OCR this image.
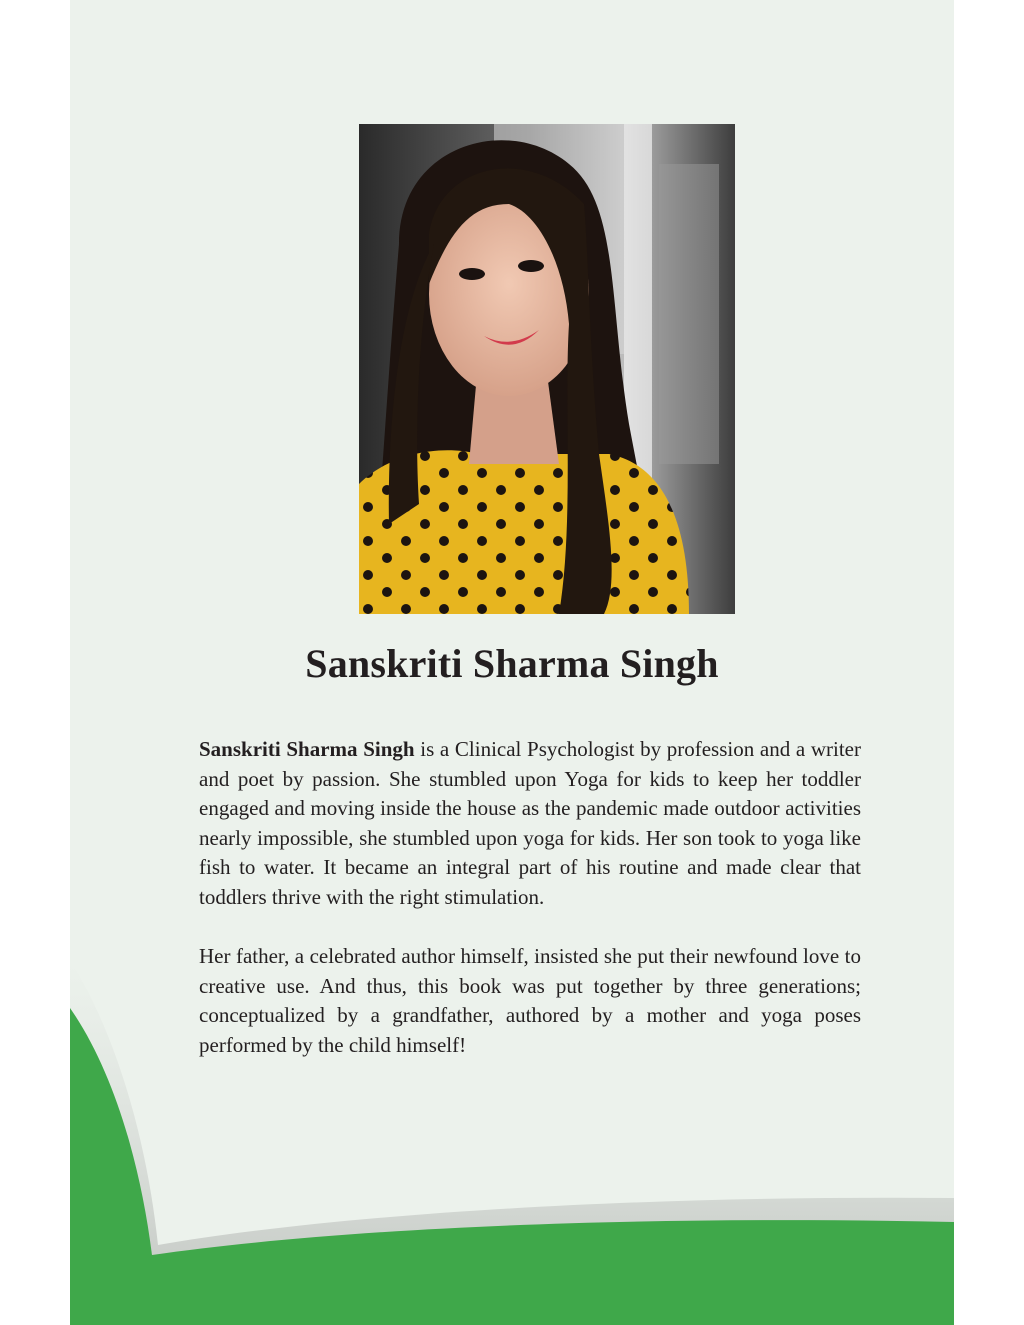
Sanskriti Sharma Singh

Sanskriti Sharma Singh is a Clinical Psychologist by profession and a writer and poet by passion. She stumbled upon Yoga for kids to keep her toddler engaged and moving inside the house as the pandemic made outdoor activities nearly impossible, she stumbled upon yoga for kids. Her son took to yoga like fish to water. It became an integral part of his routine and made clear that toddlers thrive with the right stimulation.

Her father, a celebrated author himself, insisted she put their newfound love to creative use. And thus, this book was put together by three generations; conceptualized by a grandfather, authored by a mother and yoga poses performed by the child himself!
